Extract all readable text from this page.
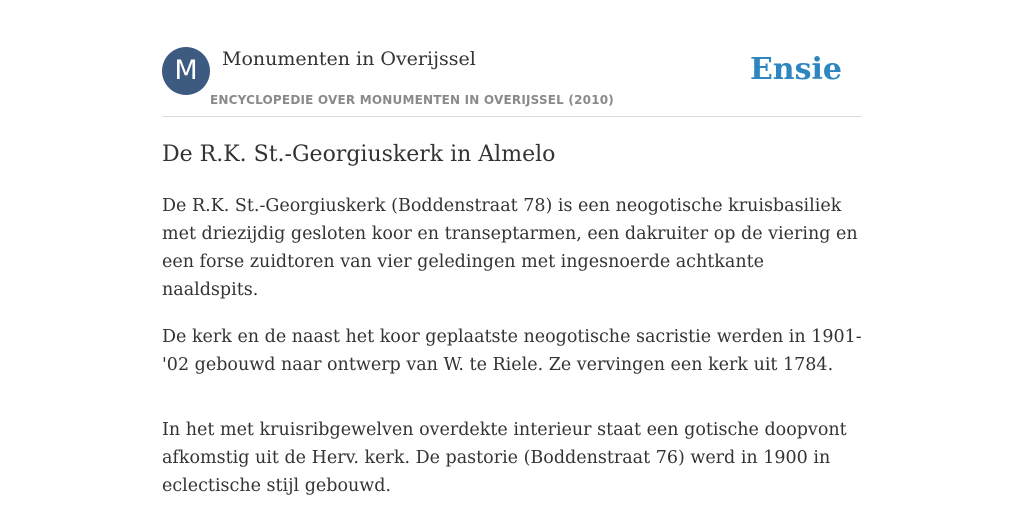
M	Monumenten in Overijssel
ENCYCLOPEDIE OVER MONUMENTEN IN OVERIJSSEL (2010)
Ensie
De R.K. St.-Georgiuskerk in Almelo

De R.K. St.-Georgiuskerk (Boddenstraat 78) is een neogotische kruisbasiliek met driezijdig gesloten koor en transeptarmen, een dakruiter op de viering en een forse zuidtoren van vier geledingen met ingesnoerde achtkante naaldspits.

De kerk en de naast het koor geplaatste neogotische sacristie werden in 1901-'02 gebouwd naar ontwerp van W. te Riele. Ze vervingen een kerk uit 1784.

In het met kruisribgewelven overdekte interieur staat een gotische doopvont afkomstig uit de Herv. kerk. De pastorie (Boddenstraat 76) werd in 1900 in eclectische stijl gebouwd.
